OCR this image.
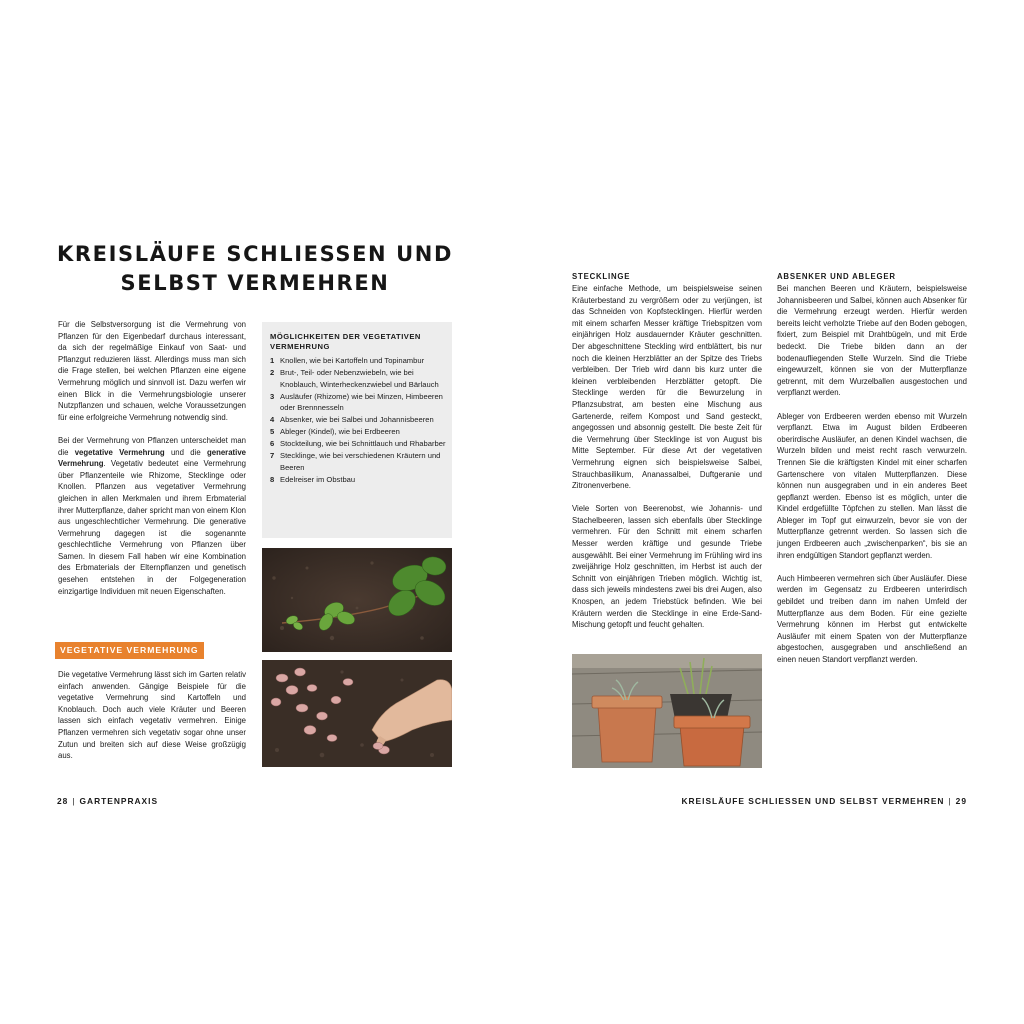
KREISLÄUFE SCHLIESSEN UND
SELBST VERMEHREN

Für die Selbstversorgung ist die Vermehrung von Pflanzen für den Eigenbedarf durchaus interessant, da sich der regelmäßige Einkauf von Saat- und Pflanzgut reduzieren lässt. Allerdings muss man sich die Frage stellen, bei welchen Pflanzen eine eigene Vermehrung möglich und sinnvoll ist. Dazu werfen wir einen Blick in die Vermehrungsbiologie unserer Nutzpflanzen und schauen, welche Voraussetzungen für eine erfolgreiche Vermehrung notwendig sind.

Bei der Vermehrung von Pflanzen unterscheidet man die vegetative Vermehrung und die generative Vermehrung. Vegetativ bedeutet eine Vermehrung über Pflanzenteile wie Rhizome, Stecklinge oder Knollen. Pflanzen aus vegetativer Vermehrung gleichen in allen Merkmalen und ihrem Erbmaterial ihrer Mutterpflanze, daher spricht man von einem Klon aus ungeschlechtlicher Vermehrung. Die generative Vermehrung dagegen ist die sogenannte geschlechtliche Vermehrung von Pflanzen über Samen. In diesem Fall haben wir eine Kombination des Erbmaterials der Elternpflanzen und genetisch gesehen entstehen in der Folgegeneration einzigartige Individuen mit neuen Eigenschaften.

VEGETATIVE VERMEHRUNG

Die vegetative Vermehrung lässt sich im Garten relativ einfach anwenden. Gängige Beispiele für die vegetative Vermehrung sind Kartoffeln und Knoblauch. Doch auch viele Kräuter und Beeren lassen sich einfach vegetativ vermehren. Einige Pflanzen vermehren sich vegetativ sogar ohne unser Zutun und breiten sich auf diese Weise großzügig aus.

MÖGLICHKEITEN DER VEGETATIVEN
VERMEHRUNG
1 Knollen, wie bei Kartoffeln und Topinambur
2 Brut-, Teil- oder Nebenzwiebeln, wie bei Knoblauch, Winterheckenzwiebel und Bärlauch
3 Ausläufer (Rhizome) wie bei Minzen, Himbeeren oder Brennnesseln
4 Absenker, wie bei Salbei und Johannisbeeren
5 Ableger (Kindel), wie bei Erdbeeren
6 Stockteilung, wie bei Schnittlauch und Rhabarber
7 Stecklinge, wie bei verschiedenen Kräutern und Beeren
8 Edelreiser im Obstbau
STECKLINGE

Eine einfache Methode, um beispielsweise seinen Kräuterbestand zu vergrößern oder zu verjüngen, ist das Schneiden von Kopfstecklingen. Hierfür werden mit einem scharfen Messer kräftige Triebspitzen vom einjährigen Holz ausdauernder Kräuter geschnitten. Der abgeschnittene Steckling wird entblättert, bis nur noch die kleinen Herzblätter an der Spitze des Triebs verbleiben. Der Trieb wird dann bis kurz unter die kleinen verbleibenden Herzblätter getopft. Die Stecklinge werden für die Bewurzelung in Pflanzsubstrat, am besten eine Mischung aus Gartenerde, reifem Kompost und Sand gesteckt, angegossen und absonnig gestellt. Die beste Zeit für die Vermehrung über Stecklinge ist von August bis Mitte September. Für diese Art der vegetativen Vermehrung eignen sich beispielsweise Salbei, Strauchbasilikum, Ananassalbei, Duftgeranie und Zitronenverbene.

Viele Sorten von Beerenobst, wie Johannis- und Stachelbeeren, lassen sich ebenfalls über Stecklinge vermehren. Für den Schnitt mit einem scharfen Messer werden kräftige und gesunde Triebe ausgewählt. Bei einer Vermehrung im Frühling wird ins zweijährige Holz geschnitten, im Herbst ist auch der Schnitt von einjährigen Trieben möglich. Wichtig ist, dass sich jeweils mindestens zwei bis drei Augen, also Knospen, an jedem Triebstück befinden. Wie bei Kräutern werden die Stecklinge in eine Erde-Sand-Mischung getopft und feucht gehalten.

ABSENKER UND ABLEGER

Bei manchen Beeren und Kräutern, beispielsweise Johannisbeeren und Salbei, können auch Absenker für die Vermehrung erzeugt werden. Hierfür werden bereits leicht verholzte Triebe auf den Boden gebogen, fixiert, zum Beispiel mit Drahtbügeln, und mit Erde bedeckt. Die Triebe bilden dann an der bodenaufliegenden Stelle Wurzeln. Sind die Triebe eingewurzelt, können sie von der Mutterpflanze getrennt, mit dem Wurzelballen ausgestochen und verpflanzt werden.

Ableger von Erdbeeren werden ebenso mit Wurzeln verpflanzt. Etwa im August bilden Erdbeeren oberirdische Ausläufer, an denen Kindel wachsen, die Wurzeln bilden und meist recht rasch verwurzeln. Trennen Sie die kräftigsten Kindel mit einer scharfen Gartenschere von vitalen Mutterpflanzen. Diese können nun ausgegraben und in ein anderes Beet gepflanzt werden. Ebenso ist es möglich, unter die Kindel erdgefüllte Töpfchen zu stellen. Man lässt die Ableger im Topf gut einwurzeln, bevor sie von der Mutterpflanze getrennt werden. So lassen sich die jungen Erdbeeren auch „zwischenparken“, bis sie an ihren endgültigen Standort gepflanzt werden.

Auch Himbeeren vermehren sich über Ausläufer. Diese werden im Gegensatz zu Erdbeeren unterirdisch gebildet und treiben dann im nahen Umfeld der Mutterpflanze aus dem Boden. Für eine gezielte Vermehrung können im Herbst gut entwickelte Ausläufer mit einem Spaten von der Mutterpflanze abgestochen, ausgegraben und anschließend an einen neuen Standort verpflanzt werden.

28 | GARTENPRAXIS	KREISLÄUFE SCHLIESSEN UND SELBST VERMEHREN | 29
